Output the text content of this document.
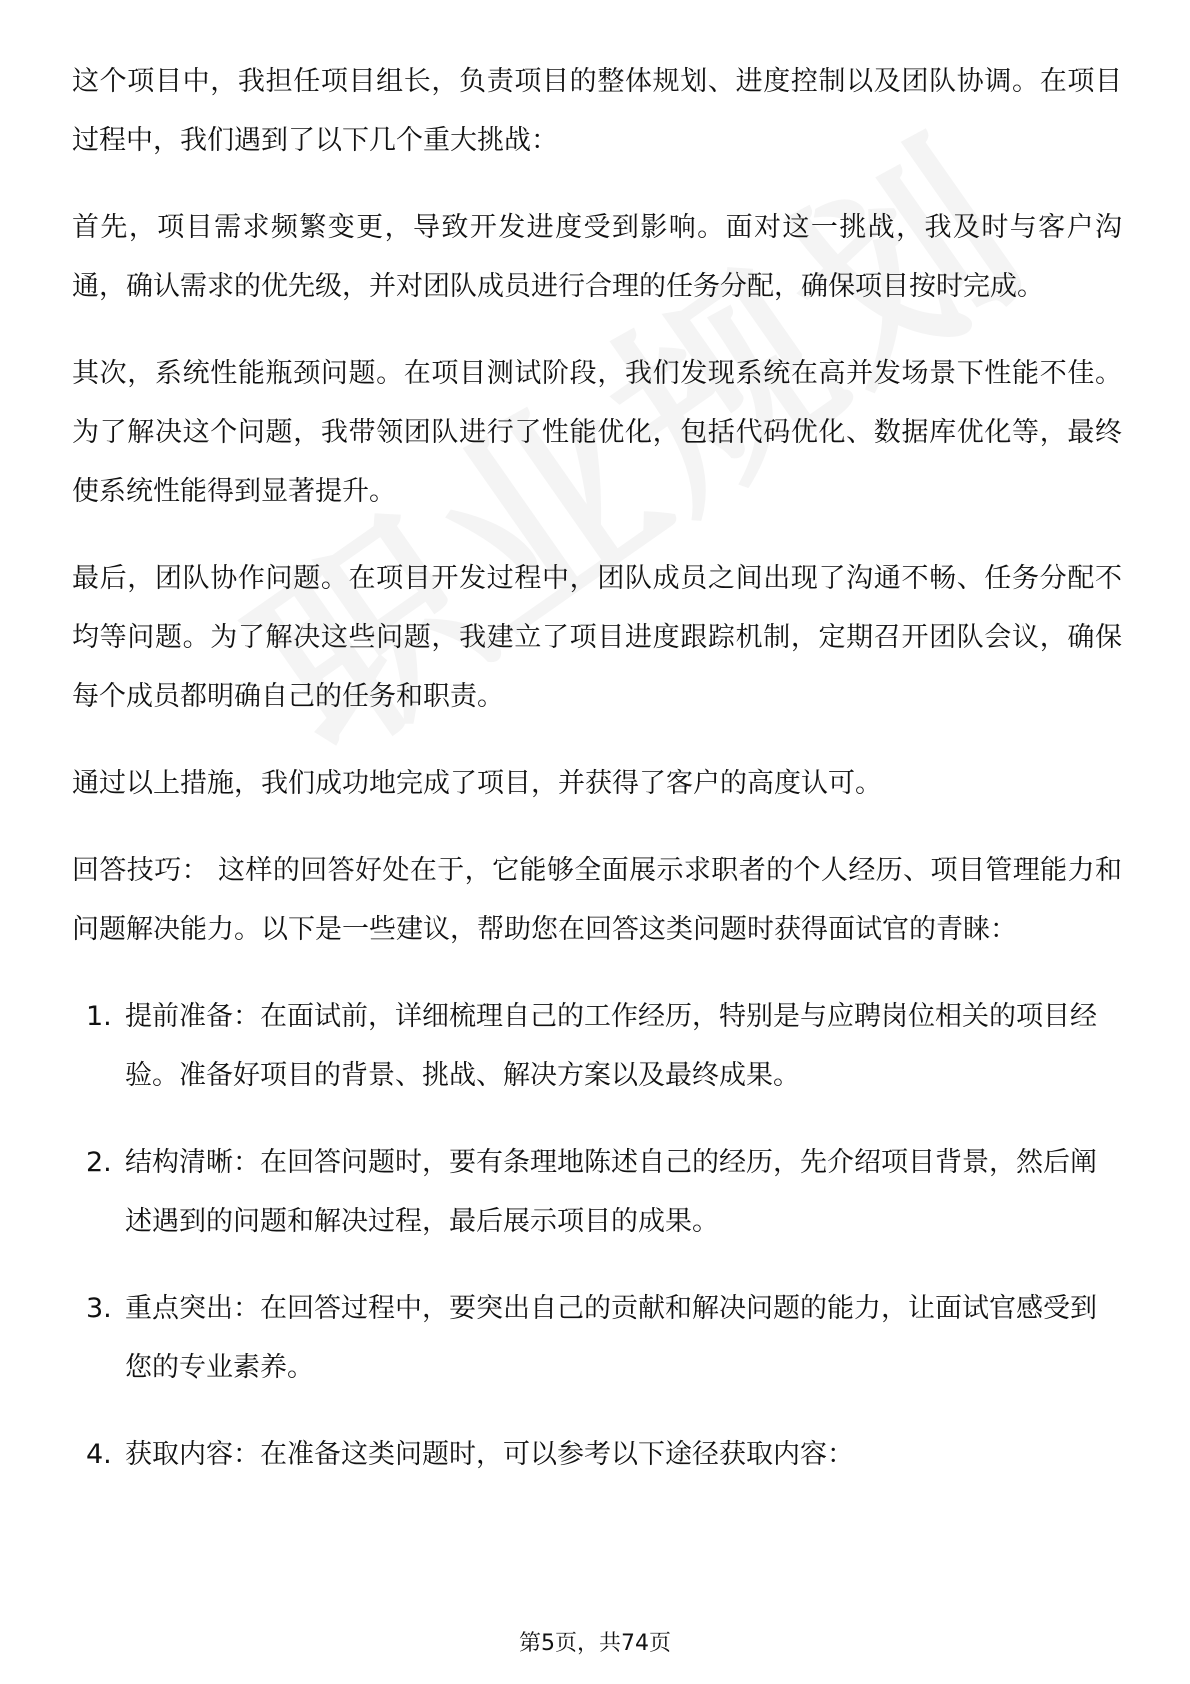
这个项目中，我担任项目组长，负责项目的整体规划、进度控制以及团队协调。在项目过程中，我们遇到了以下几个重大挑战：

首先，项目需求频繁变更，导致开发进度受到影响。面对这一挑战，我及时与客户沟通，确认需求的优先级，并对团队成员进行合理的任务分配，确保项目按时完成。

其次，系统性能瓶颈问题。在项目测试阶段，我们发现系统在高并发场景下性能不佳。为了解决这个问题，我带领团队进行了性能优化，包括代码优化、数据库优化等，最终使系统性能得到显著提升。

最后，团队协作问题。在项目开发过程中，团队成员之间出现了沟通不畅、任务分配不均等问题。为了解决这些问题，我建立了项目进度跟踪机制，定期召开团队会议，确保每个成员都明确自己的任务和职责。

通过以上措施，我们成功地完成了项目，并获得了客户的高度认可。

回答技巧： 这样的回答好处在于，它能够全面展示求职者的个人经历、项目管理能力和问题解决能力。以下是一些建议，帮助您在回答这类问题时获得面试官的青睐：

1. 提前准备：在面试前，详细梳理自己的工作经历，特别是与应聘岗位相关的项目经验。准备好项目的背景、挑战、解决方案以及最终成果。
2. 结构清晰：在回答问题时，要有条理地陈述自己的经历，先介绍项目背景，然后阐述遇到的问题和解决过程，最后展示项目的成果。
3. 重点突出：在回答过程中，要突出自己的贡献和解决问题的能力，让面试官感受到您的专业素养。
4. 获取内容：在准备这类问题时，可以参考以下途径获取内容：
第5页，共74页
